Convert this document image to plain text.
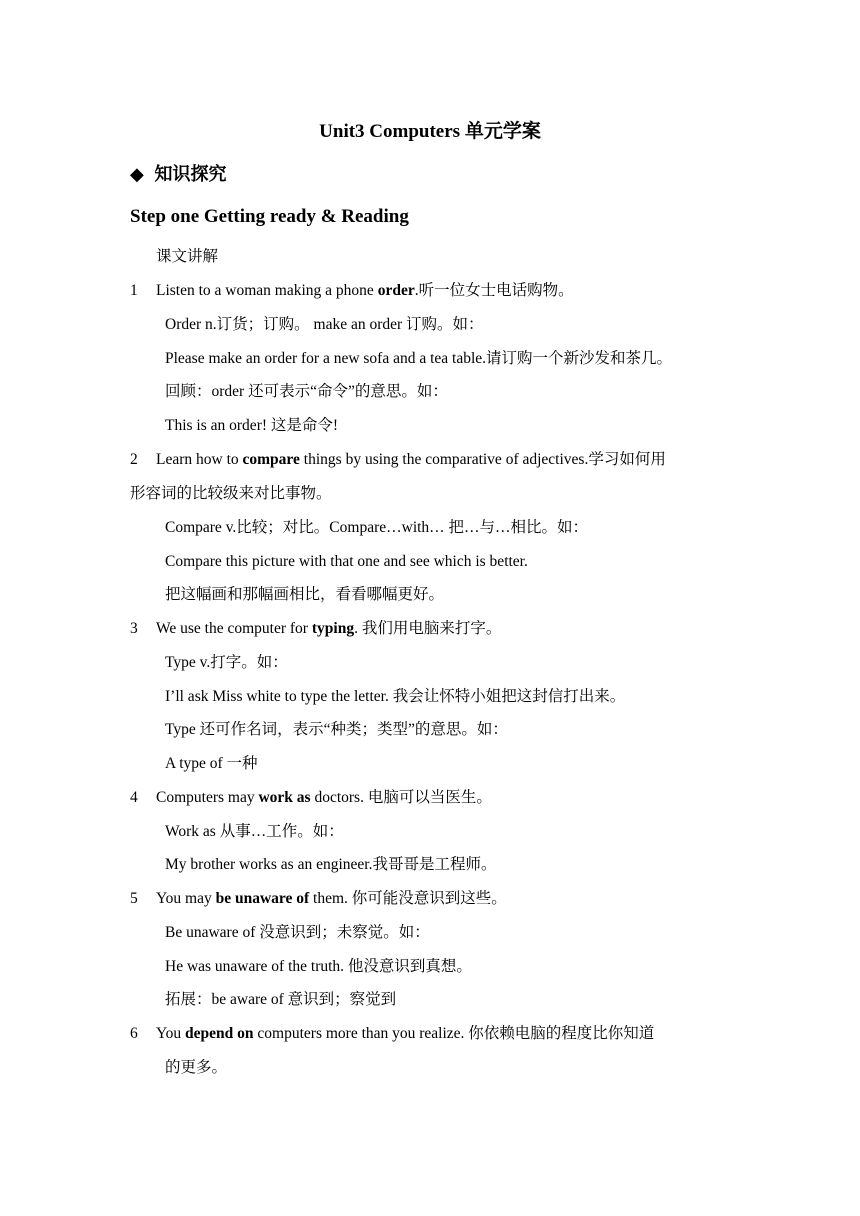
Unit3 Computers 单元学案
◆ 知识探究
Step one Getting ready & Reading
课文讲解
1	Listen to a woman making a phone order.听一位女士电话购物。
Order n.订货；订购。 make an order 订购。如：
Please make an order for a new sofa and a tea table.请订购一个新沙发和茶几。
回顾：order 还可表示“命令”的意思。如：
This is an order! 这是命令!
2	Learn how to compare things by using the comparative of adjectives.学习如何用
形容词的比较级来对比事物。
Compare v.比较；对比。Compare…with… 把…与…相比。如：
Compare this picture with that one and see which is better.
把这幅画和那幅画相比，看看哪幅更好。
3	We use the computer for typing. 我们用电脑来打字。
Type v.打字。如：
I’ll ask Miss white to type the letter. 我会让怀特小姐把这封信打出来。
Type 还可作名词，表示“种类；类型”的意思。如：
A type of 一种
4	Computers may work as doctors. 电脑可以当医生。
Work as 从事…工作。如：
My brother works as an engineer.我哥哥是工程师。
5	You may be unaware of them. 你可能没意识到这些。
Be unaware of 没意识到；未察觉。如：
He was unaware of the truth. 他没意识到真想。
拓展：be aware of 意识到；察觉到
6	You depend on computers more than you realize. 你依赖电脑的程度比你知道
的更多。
